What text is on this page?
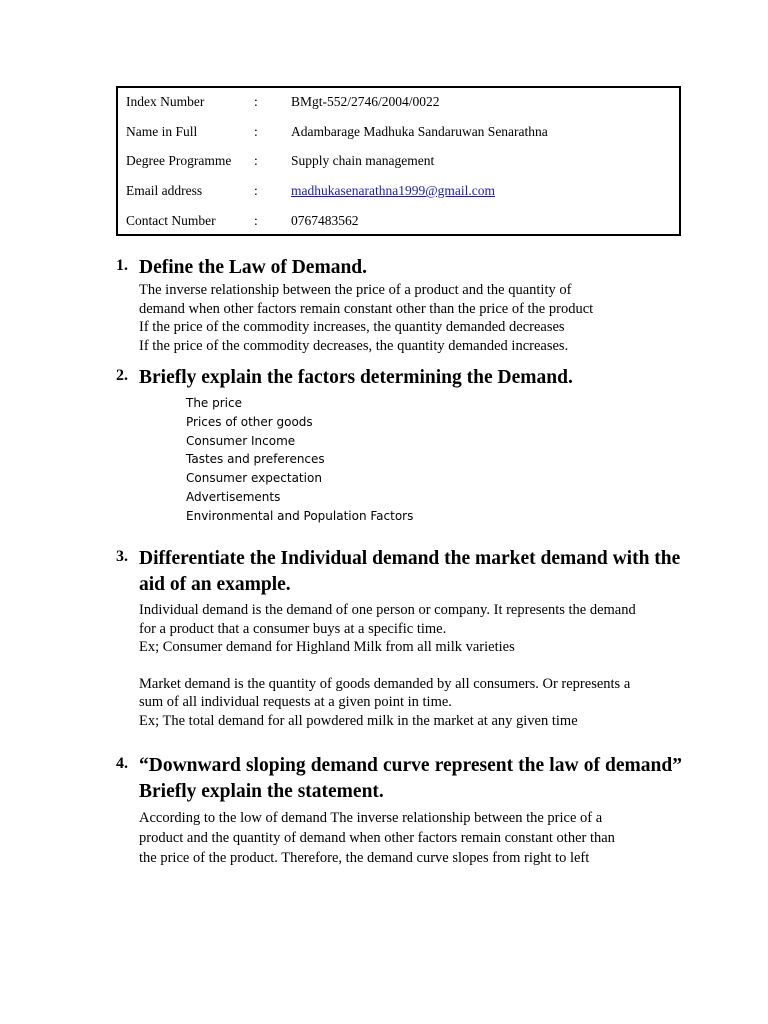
Index Number	: BMgt-552/2746/2004/0022
Name in Full	: Adambarage Madhuka Sandaruwan Senarathna
Degree Programme	: Supply chain management
Email address	: madhukasenarathna1999@gmail.com
Contact Number	: 0767483562
1. Define the Law of Demand.

The inverse relationship between the price of a product and the quantity of

demand when other factors remain constant other than the price of the product

If the price of the commodity increases, the quantity demanded decreases

If the price of the commodity decreases, the quantity demanded increases.

2. Briefly explain the factors determining the Demand.
The price
Prices of other goods
Consumer Income
Tastes and preferences
Consumer expectation
Advertisements
Environmental and Population Factors
3. Differentiate the Individual demand the market demand with the aid of an example.

Individual demand is the demand of one person or company. It represents the demand

for a product that a consumer buys at a specific time.

Ex; Consumer demand for Highland Milk from all milk varieties

Market demand is the quantity of goods demanded by all consumers. Or represents a

sum of all individual requests at a given point in time.

Ex; The total demand for all powdered milk in the market at any given time

4. “Downward sloping demand curve represent the law of demand” Briefly explain the statement.

According to the low of demand The inverse relationship between the price of a

product and the quantity of demand when other factors remain constant other than

the price of the product. Therefore, the demand curve slopes from right to left
